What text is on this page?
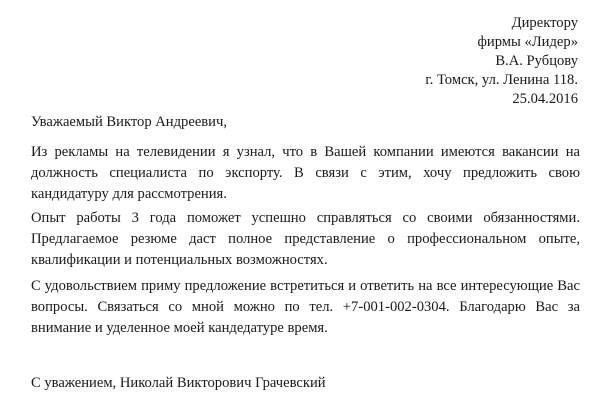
Директору
фирмы «Лидер»
В.А. Рубцову
г. Томск, ул. Ленина 118.
25.04.2016
Уважаемый Виктор Андреевич,

Из рекламы на телевидении я узнал, что в Вашей компании имеются вакансии на должность специалиста по экспорту. В связи с этим, хочу предложить свою кандидатуру для рассмотрения.

Опыт работы 3 года поможет успешно справляться со своими обязанностями. Предлагаемое резюме даст полное представление о профессиональном опыте, квалификации и потенциальных возможностях.

С удовольствием приму предложение встретиться и ответить на все интересующие Вас вопросы. Связаться со мной можно по тел. +7-001-002-0304. Благодарю Вас за внимание и уделенное моей кандедатуре время.

С уважением, Николай Викторович Грачевский
